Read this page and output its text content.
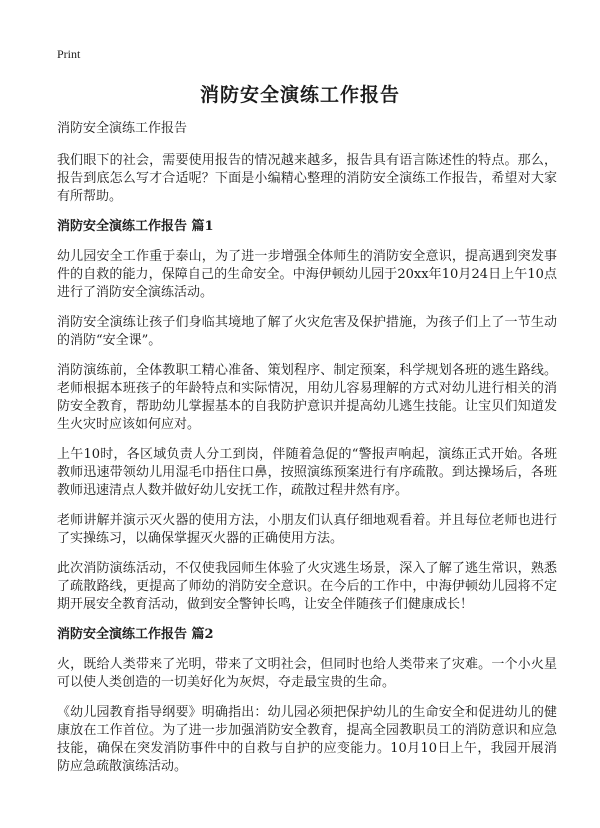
Print
消防安全演练工作报告

消防安全演练工作报告

我们眼下的社会，需要使用报告的情况越来越多，报告具有语言陈述性的特点。那么，报告到底怎么写才合适呢？下面是小编精心整理的消防安全演练工作报告，希望对大家有所帮助。

消防安全演练工作报告 篇1

幼儿园安全工作重于泰山，为了进一步增强全体师生的消防安全意识，提高遇到突发事件的自救的能力，保障自己的生命安全。中海伊顿幼儿园于20xx年10月24日上午10点进行了消防安全演练活动。

消防安全演练让孩子们身临其境地了解了火灾危害及保护措施，为孩子们上了一节生动的消防“安全课”。

消防演练前，全体教职工精心准备、策划程序、制定预案，科学规划各班的逃生路线。老师根据本班孩子的年龄特点和实际情况，用幼儿容易理解的方式对幼儿进行相关的消防安全教育，帮助幼儿掌握基本的自我防护意识并提高幼儿逃生技能。让宝贝们知道发生火灾时应该如何应对。

上午10时，各区域负责人分工到岗，伴随着急促的“警报声响起，演练正式开始。各班教师迅速带领幼儿用湿毛巾捂住口鼻，按照演练预案进行有序疏散。到达操场后，各班教师迅速清点人数并做好幼儿安抚工作，疏散过程井然有序。

老师讲解并演示灭火器的使用方法，小朋友们认真仔细地观看着。并且每位老师也进行了实操练习，以确保掌握灭火器的正确使用方法。

此次消防演练活动，不仅使我园师生体验了火灾逃生场景，深入了解了逃生常识，熟悉了疏散路线，更提高了师幼的消防安全意识。在今后的工作中，中海伊顿幼儿园将不定期开展安全教育活动，做到安全警钟长鸣，让安全伴随孩子们健康成长！

消防安全演练工作报告 篇2

火，既给人类带来了光明，带来了文明社会，但同时也给人类带来了灾难。一个小火星可以使人类创造的一切美好化为灰烬，夺走最宝贵的生命。

《幼儿园教育指导纲要》明确指出：幼儿园必须把保护幼儿的生命安全和促进幼儿的健康放在工作首位。为了进一步加强消防安全教育，提高全园教职员工的消防意识和应急技能，确保在突发消防事件中的自救与自护的应变能力。10月10日上午，我园开展消防应急疏散演练活动。
